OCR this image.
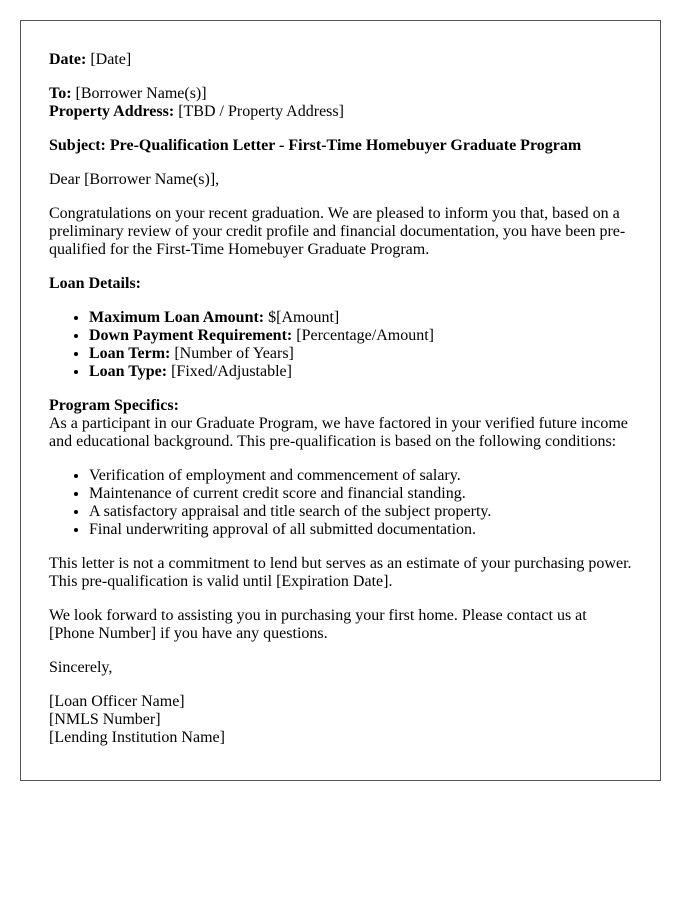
Date: [Date]

To: [Borrower Name(s)]

Property Address: [TBD / Property Address]

Subject: Pre-Qualification Letter - First-Time Homebuyer Graduate Program

Dear [Borrower Name(s)],

Congratulations on your recent graduation. We are pleased to inform you that, based on a preliminary review of your credit profile and financial documentation, you have been pre-qualified for the First-Time Homebuyer Graduate Program.

Loan Details:

• Maximum Loan Amount: $[Amount]
• Down Payment Requirement: [Percentage/Amount]
• Loan Term: [Number of Years]
• Loan Type: [Fixed/Adjustable]
Program Specifics:
As a participant in our Graduate Program, we have factored in your verified future income and educational background. This pre-qualification is based on the following conditions:
• Verification of employment and commencement of salary.
• Maintenance of current credit score and financial standing.
• A satisfactory appraisal and title search of the subject property.
• Final underwriting approval of all submitted documentation.

This letter is not a commitment to lend but serves as an estimate of your purchasing power. This pre-qualification is valid until [Expiration Date].

We look forward to assisting you in purchasing your first home. Please contact us at [Phone Number] if you have any questions.

Sincerely,

[Loan Officer Name]

[NMLS Number]

[Lending Institution Name]
